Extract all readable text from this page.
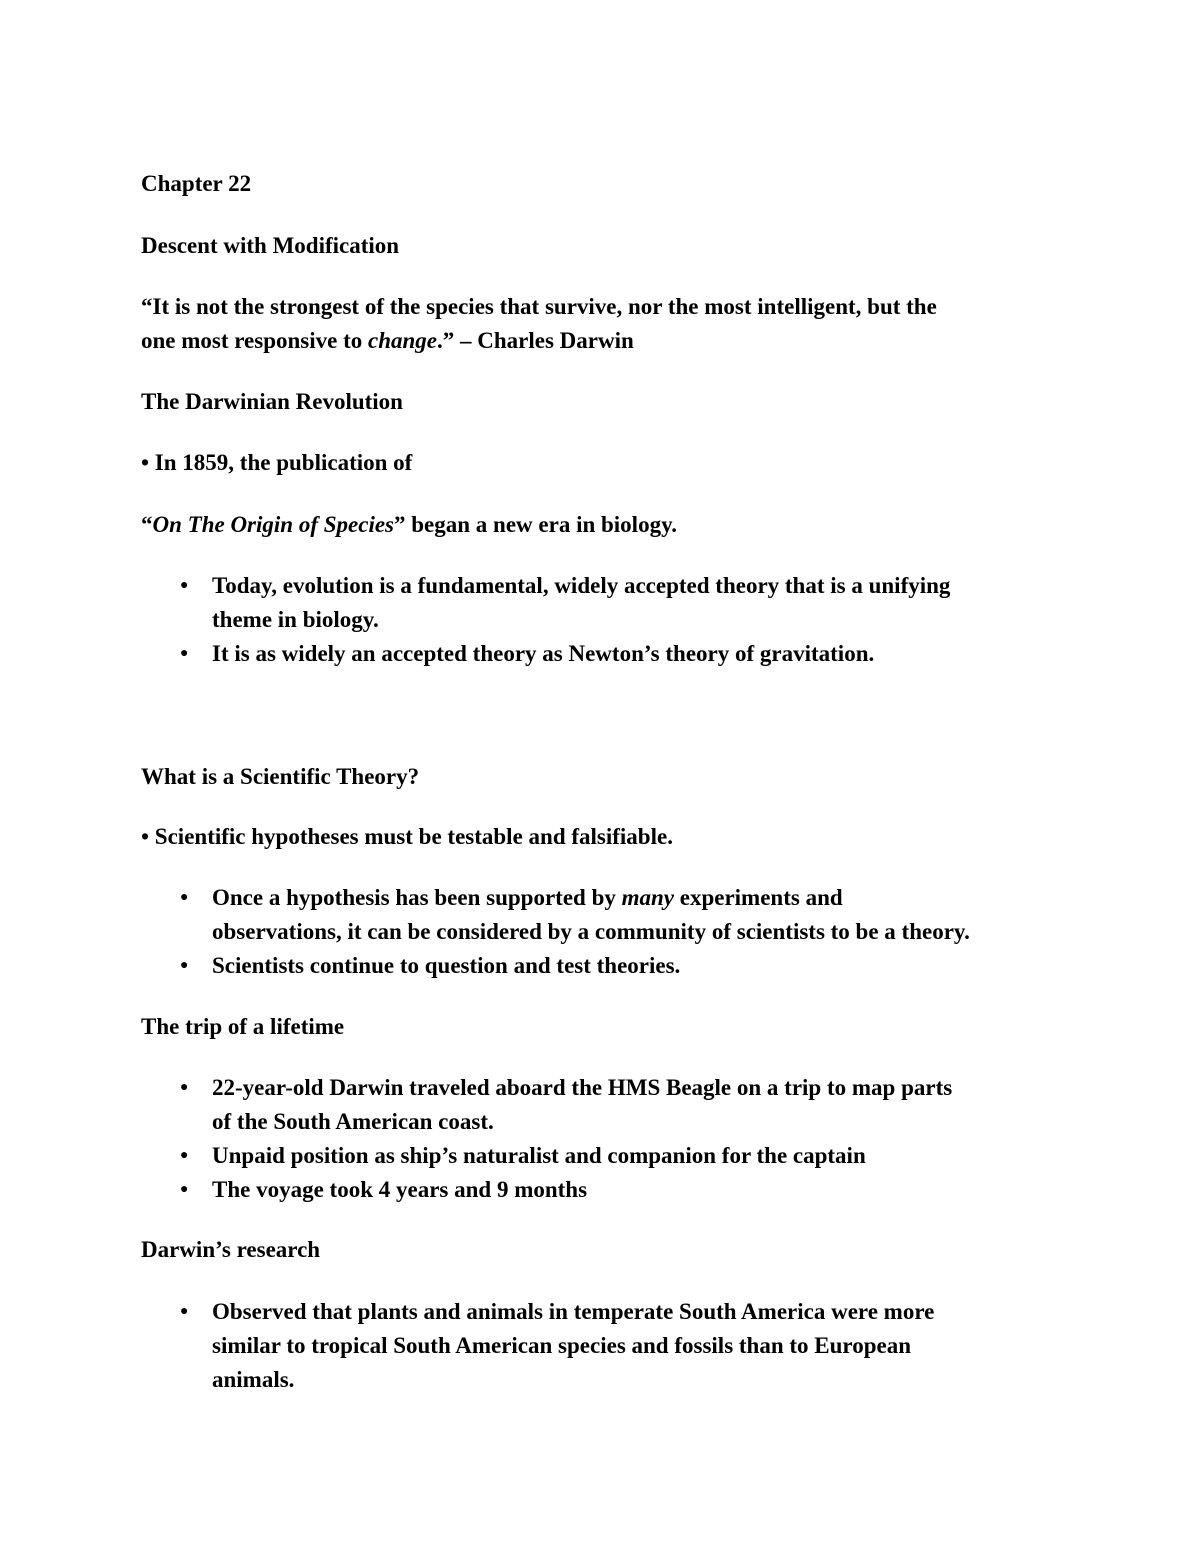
Chapter 22
Descent with Modification
“It is not the strongest of the species that survive, nor the most intelligent, but the
one most responsive to change.” – Charles Darwin
The Darwinian Revolution
• In 1859, the publication of
“On The Origin of Species” began a new era in biology.
● Today, evolution is a fundamental, widely accepted theory that is a unifying
theme in biology.
● It is as widely an accepted theory as Newton’s theory of gravitation.
What is a Scientific Theory?
• Scientific hypotheses must be testable and falsifiable.
● Once a hypothesis has been supported by many experiments and
observations, it can be considered by a community of scientists to be a theory.
● Scientists continue to question and test theories.
The trip of a lifetime
● 22-year-old Darwin traveled aboard the HMS Beagle on a trip to map parts
of the South American coast.
● Unpaid position as ship’s naturalist and companion for the captain
● The voyage took 4 years and 9 months
Darwin’s research
● Observed that plants and animals in temperate South America were more
similar to tropical South American species and fossils than to European
animals.
